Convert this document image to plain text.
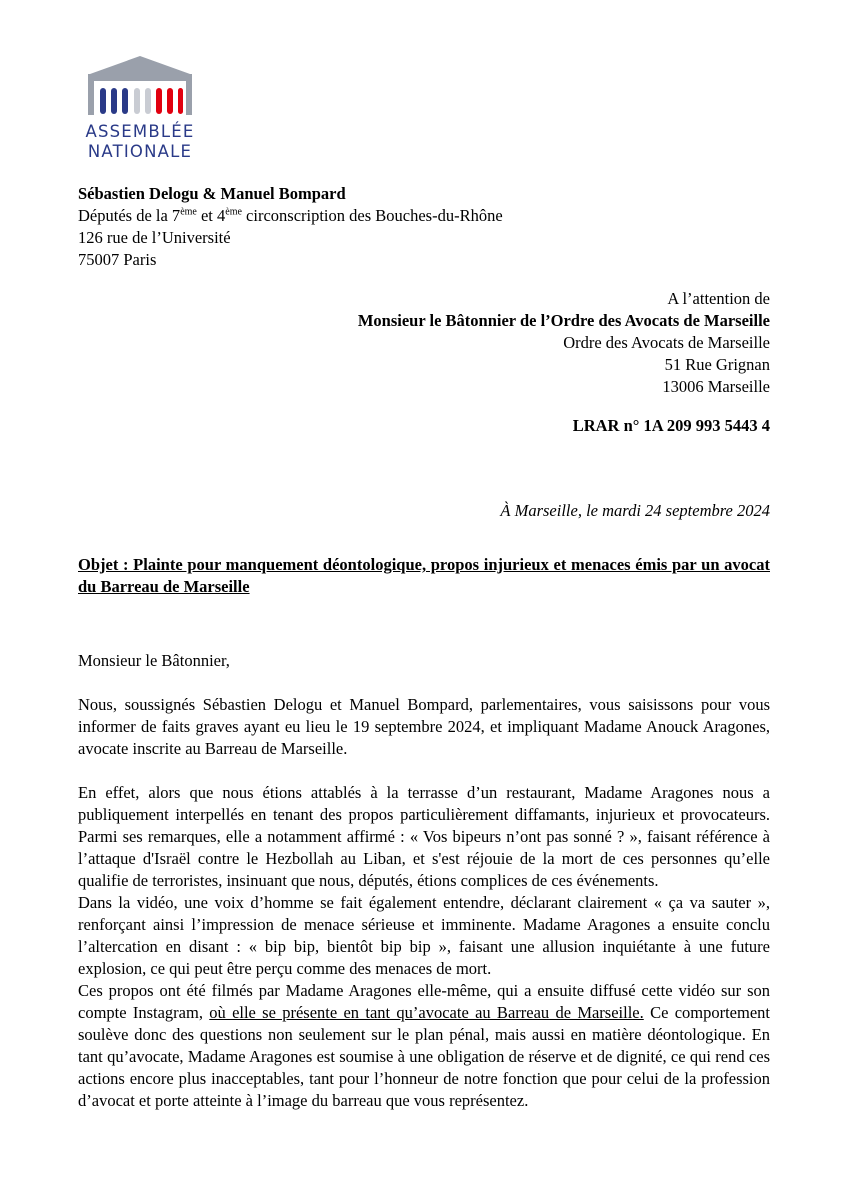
ASSEMBLÉE
NATIONALE
Sébastien Delogu & Manuel Bompard
Députés de la 7ème et 4ème circonscription des Bouches-du-Rhône
126 rue de l’Université
75007 Paris
A l’attention de
Monsieur le Bâtonnier de l’Ordre des Avocats de Marseille
Ordre des Avocats de Marseille
51 Rue Grignan
13006 Marseille
LRAR n° 1A 209 993 5443 4
À Marseille, le mardi 24 septembre 2024
Objet : Plainte pour manquement déontologique, propos injurieux et menaces émis par un avocat du Barreau de Marseille
Monsieur le Bâtonnier,
Nous, soussignés Sébastien Delogu et Manuel Bompard, parlementaires, vous saisissons pour vous informer de faits graves ayant eu lieu le 19 septembre 2024, et impliquant Madame Anouck Aragones, avocate inscrite au Barreau de Marseille.
En effet, alors que nous étions attablés à la terrasse d’un restaurant, Madame Aragones nous a publiquement interpellés en tenant des propos particulièrement diffamants, injurieux et provocateurs. Parmi ses remarques, elle a notamment affirmé : « Vos bipeurs n’ont pas sonné ? », faisant référence à l’attaque d'Israël contre le Hezbollah au Liban, et s'est réjouie de la mort de ces personnes qu’elle qualifie de terroristes, insinuant que nous, députés, étions complices de ces événements.
Dans la vidéo, une voix d’homme se fait également entendre, déclarant clairement « ça va sauter », renforçant ainsi l’impression de menace sérieuse et imminente. Madame Aragones a ensuite conclu l’altercation en disant : « bip bip, bientôt bip bip », faisant une allusion inquiétante à une future explosion, ce qui peut être perçu comme des menaces de mort.
Ces propos ont été filmés par Madame Aragones elle-même, qui a ensuite diffusé cette vidéo sur son compte Instagram, où elle se présente en tant qu’avocate au Barreau de Marseille. Ce comportement soulève donc des questions non seulement sur le plan pénal, mais aussi en matière déontologique. En tant qu’avocate, Madame Aragones est soumise à une obligation de réserve et de dignité, ce qui rend ces actions encore plus inacceptables, tant pour l’honneur de notre fonction que pour celui de la profession d’avocat et porte atteinte à l’image du barreau que vous représentez.
